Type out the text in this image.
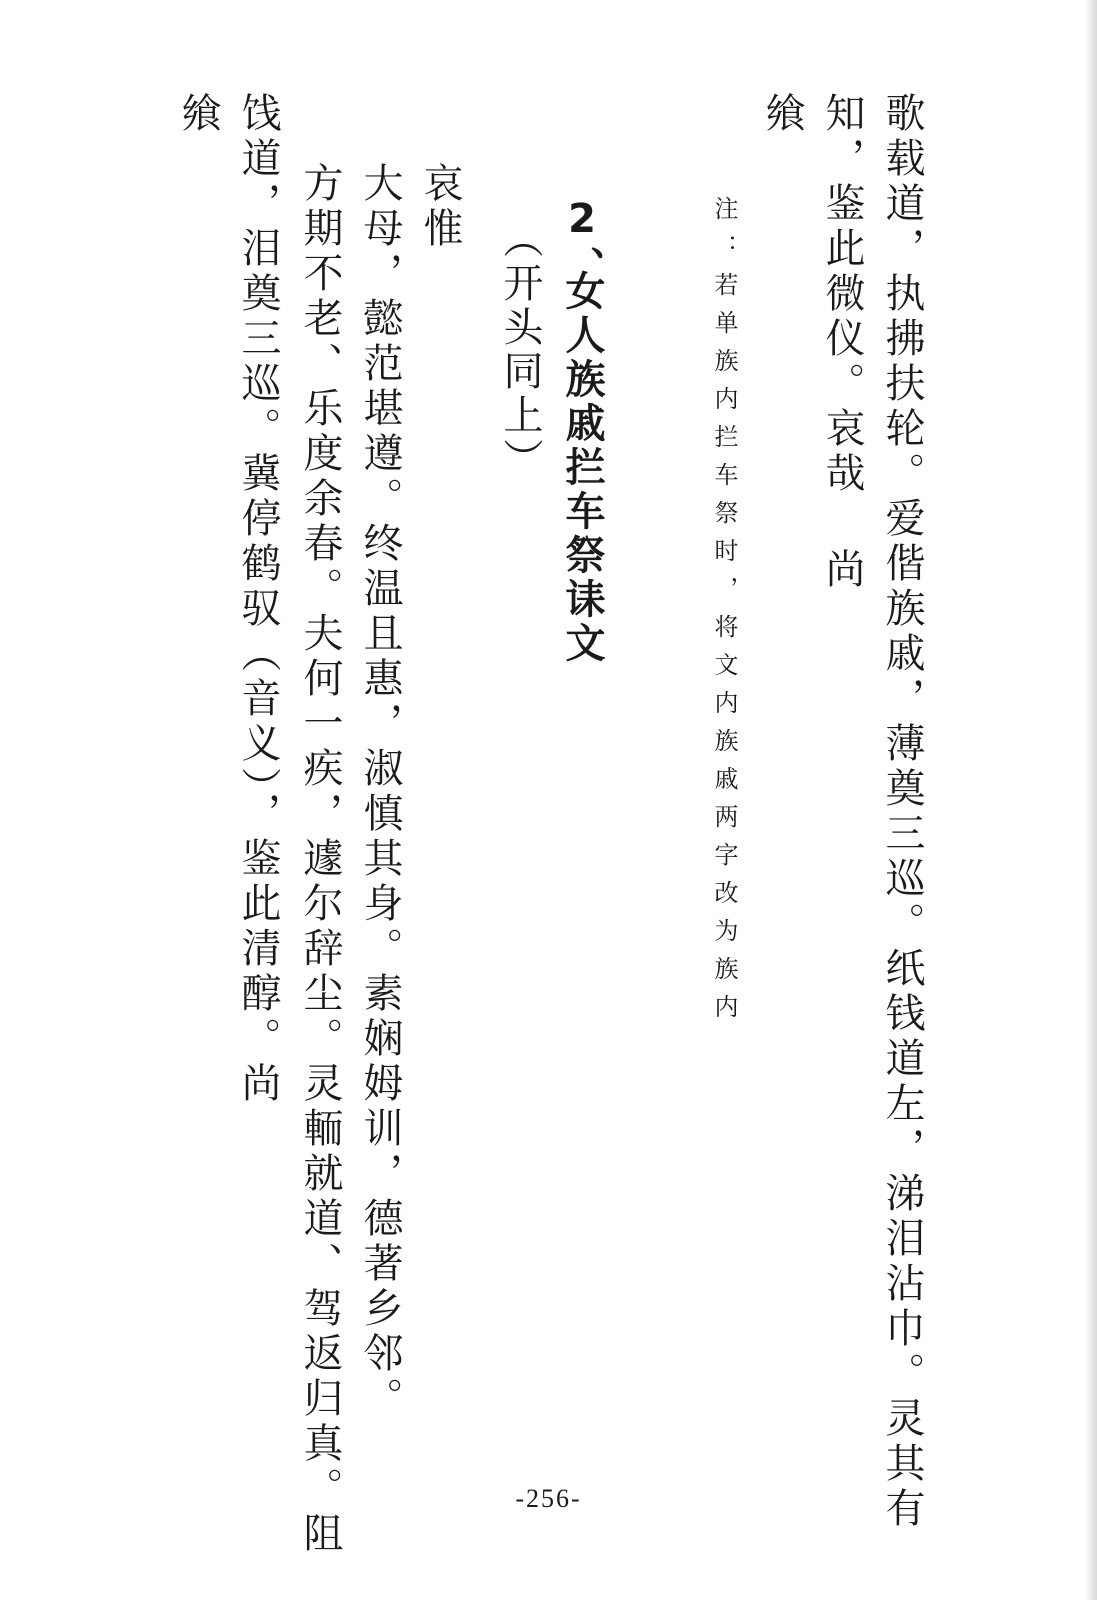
歌载道，执拂扶轮。爱偕族戚，薄奠三巡。纸钱道左，涕泪沾巾。灵其有
知，鉴此微仪。哀哉 尚
飨
注：若单族内拦车祭时，将文内族戚两字改为族内
2、
女人族戚拦车祭诔文
（开头同上）
哀惟
大母，懿范堪遵。终温且惠，淑慎其身。素娴姆训，德著乡邻。
方期不老、乐度余春。夫何一疾，遽尔辞尘。灵輀就道、驾返归真。阻
饯道，泪奠三巡。冀停鹤驭（音义），鉴此清醇。尚
飨
-256-
